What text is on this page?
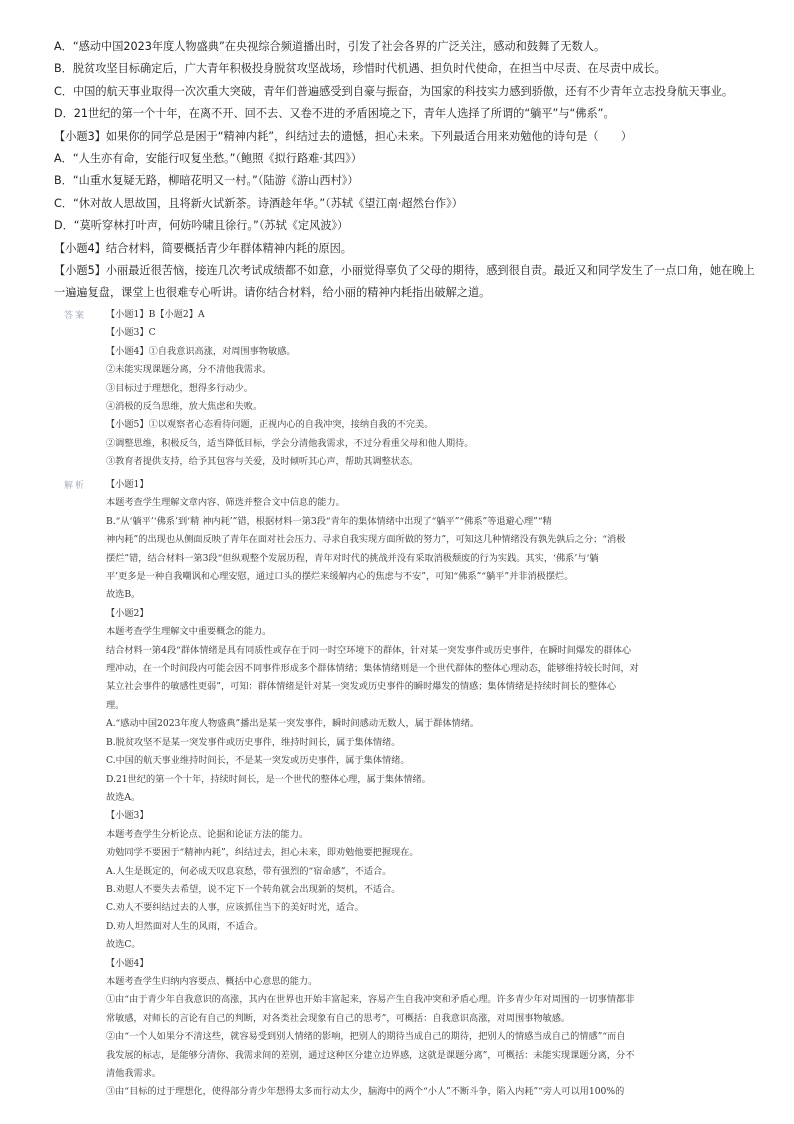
A．“感动中国2023年度人物盛典”在央视综合频道播出时，引发了社会各界的广泛关注，感动和鼓舞了无数人。
B．脱贫攻坚目标确定后，广大青年积极投身脱贫攻坚战场，珍惜时代机遇、担负时代使命，在担当中尽责、在尽责中成长。
C．中国的航天事业取得一次次重大突破，青年们普遍感受到自豪与振奋，为国家的科技实力感到骄傲，还有不少青年立志投身航天事业。
D．21世纪的第一个十年，在离不开、回不去、又卷不进的矛盾困境之下，青年人选择了所谓的“躺平”与“佛系”。
【小题3】如果你的同学总是困于“精神内耗”，纠结过去的遗憾，担心未来。下列最适合用来劝勉他的诗句是（　　）
A．“人生亦有命，安能行叹复坐愁。”（鲍照《拟行路难·其四》）
B．“山重水复疑无路，柳暗花明又一村。”（陆游《游山西村》）
C．“休对故人思故国，且将新火试新茶。诗酒趁年华。”（苏轼《望江南·超然台作》）
D．“莫听穿林打叶声，何妨吟啸且徐行。”（苏轼《定风波》）
【小题4】结合材料，简要概括青少年群体精神内耗的原因。
【小题5】小丽最近很苦恼，接连几次考试成绩都不如意，小丽觉得辜负了父母的期待，感到很自责。最近又和同学发生了一点口角，她在晚上
一遍遍复盘，课堂上也很难专心听讲。请你结合材料，给小丽的精神内耗指出破解之道。
答案 【小题1】B【小题2】A
【小题3】C
【小题4】①自我意识高涨，对周围事物敏感。
②未能实现课题分离，分不清他我需求。
③目标过于理想化，想得多行动少。
④消极的反刍思维，放大焦虑和失败。
【小题5】①以观察者心态看待问题，正视内心的自我冲突，接纳自我的不完美。
②调整思维，积极反刍，适当降低目标，学会分清他我需求，不过分看重父母和他人期待。
③教育者提供支持，给予其包容与关爱，及时倾听其心声，帮助其调整状态。
解析 【小题1】
本题考查学生理解文章内容、筛选并整合文中信息的能力。
B.“从‘躺平’‘佛系’到‘精 神内耗’”错，根据材料一第3段“青年的集体情绪中出现了“躺平”“佛系”等退避心理”“精
神内耗”的出现也从侧面反映了青年在面对社会压力、寻求自我实现方面所做的努力”，可知这几种情绪没有孰先孰后之分；“消极
摆烂”错，结合材料一第3段“但纵观整个发展历程，青年对时代的挑战并没有采取消极颓废的行为实践。其实，‘佛系’与‘躺
平’更多是一种自我嘲讽和心理安慰，通过口头的摆烂来缓解内心的焦虑与不安”，可知“佛系”“躺平”并非消极摆烂。
故选B。
【小题2】
本题考查学生理解文中重要概念的能力。
结合材料一第4段“群体情绪是具有同质性或存在于同一时空环境下的群体，针对某一突发事件或历史事件，在瞬时间爆发的群体心
理冲动，在一个时间段内可能会因不同事件形成多个群体情绪；集体情绪则是一个世代群体的整体心理动态，能够维持较长时间，对
某立社会事件的敏感性更弱”，可知：群体情绪是针对某一突发或历史事件的瞬时爆发的情感；集体情绪是持续时间长的整体心
理。
A.“感动中国2023年度人物盛典”播出是某一突发事件，瞬时间感动无数人，属于群体情绪。
B.脱贫攻坚不是某一突发事件或历史事件，维持时间长，属于集体情绪。
C.中国的航天事业维持时间长，不是某一突发或历史事件，属于集体情绪。
D.21世纪的第一个十年，持续时间长，是一个世代的整体心理，属于集体情绪。
故选A。
【小题3】
本题考查学生分析论点、论据和论证方法的能力。
劝勉同学不要困于“精神内耗”，纠结过去，担心未来，即劝勉他要把握现在。
A.人生是既定的，何必成天叹息哀愁，带有强烈的“宿命感”，不适合。
B.劝慰人不要失去希望，说不定下一个转角就会出现新的契机，不适合。
C.劝人不要纠结过去的人事，应该抓住当下的美好时光，适合。
D.劝人坦然面对人生的风雨，不适合。
故选C。
【小题4】
本题考查学生归纳内容要点、概括中心意思的能力。
①由“由于青少年自我意识的高涨，其内在世界也开始丰富起来，容易产生自我冲突和矛盾心理。许多青少年对周围的一切事情都非
常敏感，对师长的言论有自己的判断，对各类社会现象有自己的思考”，可概括：自我意识高涨，对周围事物敏感。
②由“一个人如果分不清这些，就容易受到别人情绪的影响，把别人的期待当成自己的期待，把别人的情感当成自己的情感”“而自
我发展的标志，是能够分清你、我需求间的差别，通过这种区分建立边界感，这就是课题分离”，可概括：未能实现课题分离，分不
清他我需求。
③由“目标的过于理想化，使得部分青少年想得太多而行动太少，脑海中的两个“小人”不断斗争，陷入内耗”“旁人可以用100%的
